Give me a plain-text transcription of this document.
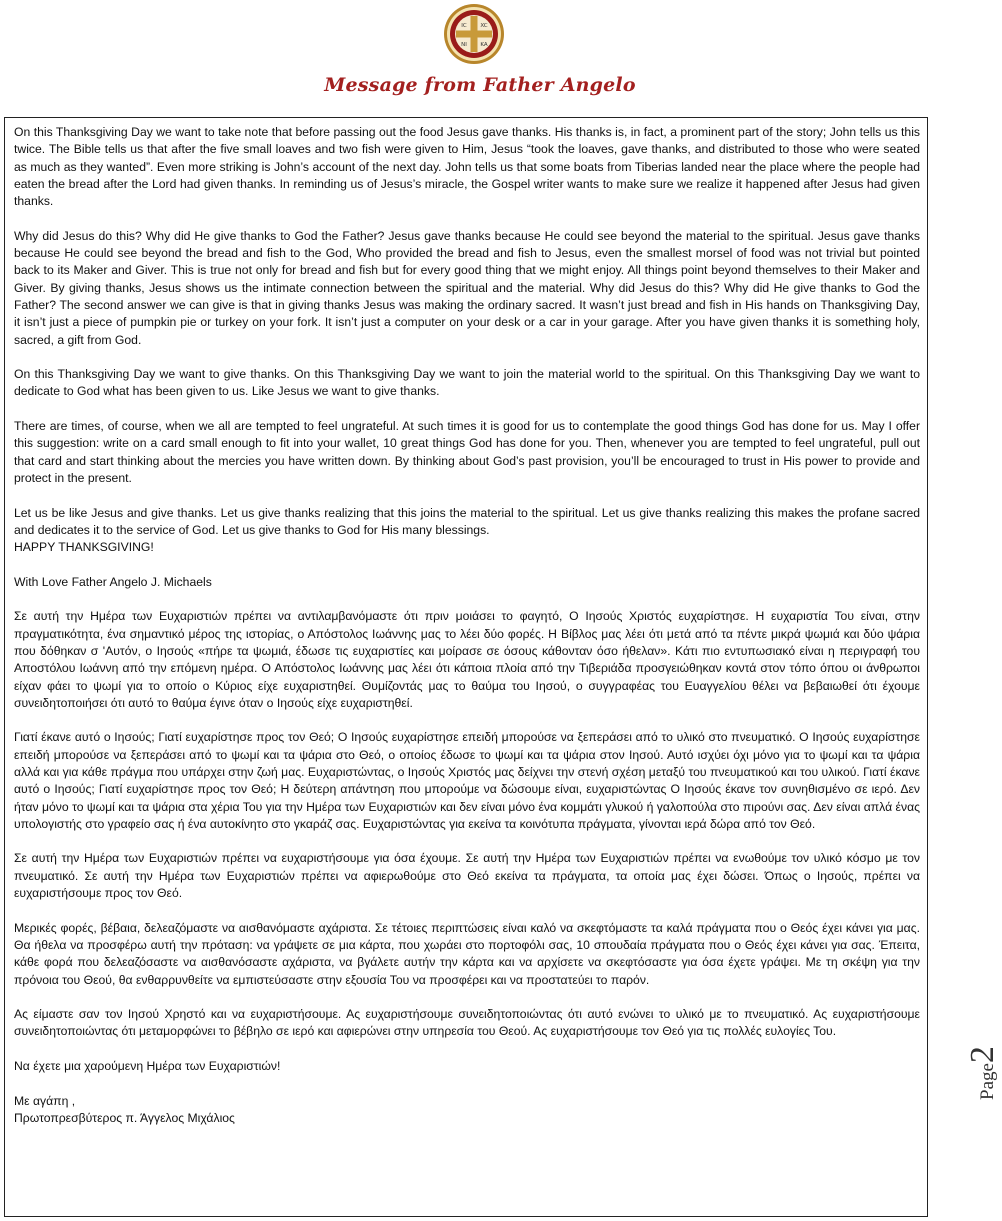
IC XC
NI KA
Message from Father Angelo

On this Thanksgiving Day we want to take note that before passing out the food Jesus gave thanks. His thanks is, in fact, a prominent part of the story; John tells us this twice. The Bible tells us that after the five small loaves and two fish were given to Him, Jesus “took the loaves, gave thanks, and distributed to those who were seated as much as they wanted”. Even more striking is John’s account of the next day. John tells us that some boats from Tiberias landed near the place where the people had eaten the bread after the Lord had given thanks. In reminding us of Jesus’s miracle, the Gospel writer wants to make sure we realize it happened after Jesus had given thanks.

Why did Jesus do this? Why did He give thanks to God the Father? Jesus gave thanks because He could see beyond the material to the spiritual. Jesus gave thanks because He could see beyond the bread and fish to the God, Who provided the bread and fish to Jesus, even the smallest morsel of food was not trivial but pointed back to its Maker and Giver. This is true not only for bread and fish but for every good thing that we might enjoy. All things point beyond themselves to their Maker and Giver. By giving thanks, Jesus shows us the intimate connection between the spiritual and the material. Why did Jesus do this? Why did He give thanks to God the Father? The second answer we can give is that in giving thanks Jesus was making the ordinary sacred. It wasn’t just bread and fish in His hands on Thanksgiving Day, it isn’t just a piece of pumpkin pie or turkey on your fork. It isn’t just a computer on your desk or a car in your garage. After you have given thanks it is something holy, sacred, a gift from God.

On this Thanksgiving Day we want to give thanks. On this Thanksgiving Day we want to join the material world to the spiritual. On this Thanksgiving Day we want to dedicate to God what has been given to us. Like Jesus we want to give thanks.

There are times, of course, when we all are tempted to feel ungrateful. At such times it is good for us to contemplate the good things God has done for us. May I offer this suggestion: write on a card small enough to fit into your wallet, 10 great things God has done for you. Then, whenever you are tempted to feel ungrateful, pull out that card and start thinking about the mercies you have written down. By thinking about God’s past provision, you’ll be encouraged to trust in His power to provide and protect in the present.

Let us be like Jesus and give thanks. Let us give thanks realizing that this joins the material to the spiritual. Let us give thanks realizing this makes the profane sacred and dedicates it to the service of God. Let us give thanks to God for His many blessings.

HAPPY THANKSGIVING!

With Love Father Angelo J. Michaels

Σε αυτή την Ημέρα των Ευχαριστιών πρέπει να αντιλαμβανόμαστε ότι πριν μοιάσει το φαγητό, Ο Ιησούς Χριστός ευχαρίστησε. Η ευχαριστία Του είναι, στην πραγματικότητα, ένα σημαντικό μέρος της ιστορίας, ο Απόστολος Ιωάννης μας το λέει δύο φορές. Η Βίβλος μας λέει ότι μετά από τα πέντε μικρά ψωμιά και δύο ψάρια που δόθηκαν σ 'Αυτόν, ο Ιησούς «πήρε τα ψωμιά, έδωσε τις ευχαριστίες και μοίρασε σε όσους κάθονταν όσο ήθελαν». Κάτι πιο εντυπωσιακό είναι η περιγραφή του Αποστόλου Ιωάννη από την επόμενη ημέρα. Ο Απόστολος Ιωάννης μας λέει ότι κάποια πλοία από την Τιβεριάδα προσγειώθηκαν κοντά στον τόπο όπου οι άνθρωποι είχαν φάει το ψωμί για το οποίο ο Κύριος είχε ευχαριστηθεί. Θυμίζοντάς μας το θαύμα του Ιησού, ο συγγραφέας του Ευαγγελίου θέλει να βεβαιωθεί ότι έχουμε συνειδητοποιήσει ότι αυτό το θαύμα έγινε όταν ο Ιησούς είχε ευχαριστηθεί.

Γιατί έκανε αυτό ο Ιησούς; Γιατί ευχαρίστησε προς τον Θεό; Ο Ιησούς ευχαρίστησε επειδή μπορούσε να ξεπεράσει από το υλικό στο πνευματικό. Ο Ιησούς ευχαρίστησε επειδή μπορούσε να ξεπεράσει από το ψωμί και τα ψάρια στο Θεό, ο οποίος έδωσε το ψωμί και τα ψάρια στον Ιησού. Αυτό ισχύει όχι μόνο για το ψωμί και τα ψάρια αλλά και για κάθε πράγμα που υπάρχει στην ζωή μας. Ευχαριστώντας, ο Ιησούς Χριστός μας δείχνει την στενή σχέση μεταξύ του πνευματικού και του υλικού. Γιατί έκανε αυτό ο Ιησούς; Γιατί ευχαρίστησε προς τον Θεό; Η δεύτερη απάντηση που μπορούμε να δώσουμε είναι, ευχαριστώντας Ο Ιησούς έκανε τον συνηθισμένο σε ιερό. Δεν ήταν μόνο το ψωμί και τα ψάρια στα χέρια Του για την Ημέρα των Ευχαριστιών και δεν είναι μόνο ένα κομμάτι γλυκού ή γαλοπούλα στο πιρούνι σας. Δεν είναι απλά ένας υπολογιστής στο γραφείο σας ή ένα αυτοκίνητο στο γκαράζ σας. Ευχαριστώντας για εκείνα τα κοινότυπα πράγματα, γίνονται ιερά δώρα από τον Θεό.

Σε αυτή την Ημέρα των Ευχαριστιών πρέπει να ευχαριστήσουμε για όσα έχουμε. Σε αυτή την Ημέρα των Ευχαριστιών πρέπει να ενωθούμε τον υλικό κόσμο με τον πνευματικό. Σε αυτή την Ημέρα των Ευχαριστιών πρέπει να αφιερωθούμε στο Θεό εκείνα τα πράγματα, τα οποία μας έχει δώσει. Όπως ο Ιησούς, πρέπει να ευχαριστήσουμε προς τον Θεό.

Μερικές φορές, βέβαια, δελεαζόμαστε να αισθανόμαστε αχάριστα. Σε τέτοιες περιπτώσεις είναι καλό να σκεφτόμαστε τα καλά πράγματα που ο Θεός έχει κάνει για μας. Θα ήθελα να προσφέρω αυτή την πρόταση: να γράψετε σε μια κάρτα, που χωράει στο πορτοφόλι σας, 10 σπουδαία πράγματα που ο Θεός έχει κάνει για σας. Έπειτα, κάθε φορά που δελεαζόσαστε να αισθανόσαστε αχάριστα, να βγάλετε αυτήν την κάρτα και να αρχίσετε να σκεφτόσαστε για όσα έχετε γράψει. Με τη σκέψη για την πρόνοια του Θεού, θα ενθαρρυνθείτε να εμπιστεύσαστε στην εξουσία Του να προσφέρει και να προστατεύει το παρόν.

Ας είμαστε σαν τον Ιησού Χρηστό και να ευχαριστήσουμε. Ας ευχαριστήσουμε συνειδητοποιώντας ότι αυτό ενώνει το υλικό με το πνευματικό. Ας ευχαριστήσουμε συνειδητοποιώντας ότι μεταμορφώνει το βέβηλο σε ιερό και αφιερώνει στην υπηρεσία του Θεού. Ας ευχαριστήσουμε τον Θεό για τις πολλές ευλογίες Του.

Να έχετε μια χαρούμενη Ημέρα των Ευχαριστιών!

Με αγάπη ,

Πρωτοπρεσβύτερος π. Άγγελος Μιχάλιος

Page2
